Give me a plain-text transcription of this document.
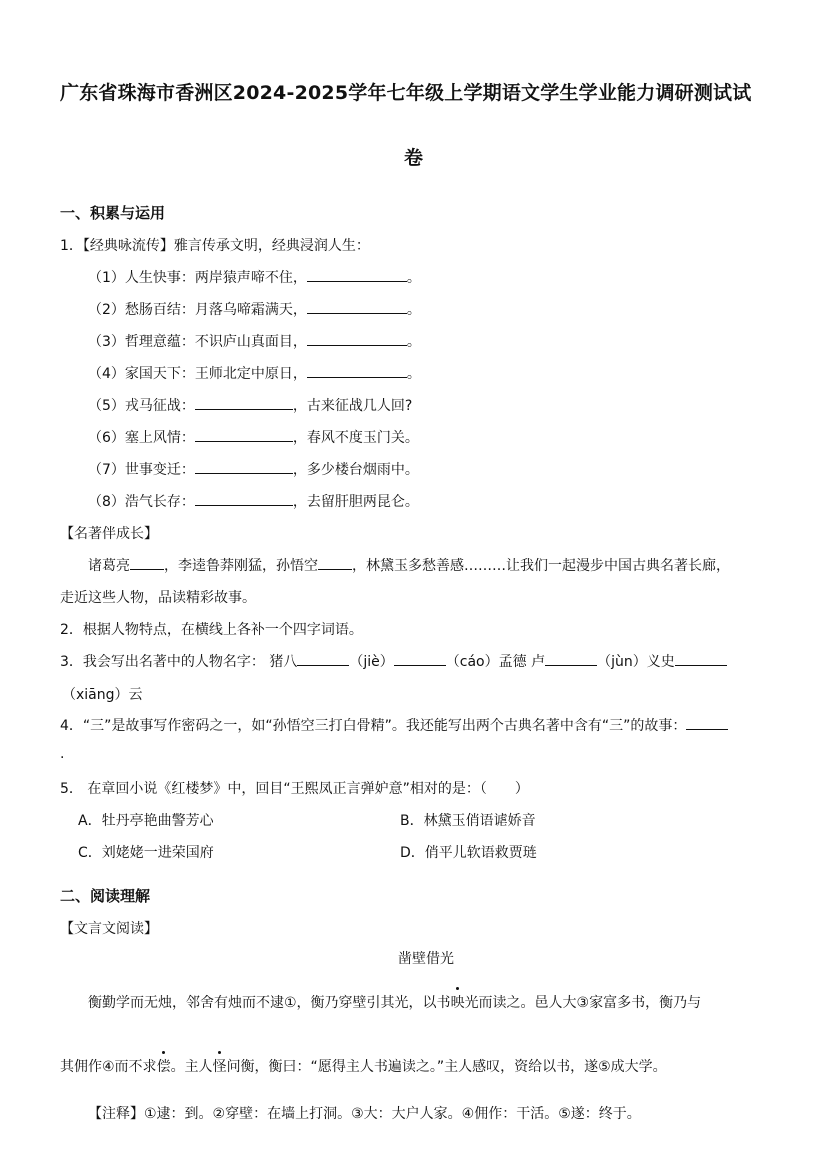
广东省珠海市香洲区2024-2025学年七年级上学期语文学生学业能力调研测试试
卷
一、积累与运用
1．【经典咏流传】雅言传承文明，经典浸润人生：
（1）人生快事：两岸猿声啼不住，	。
（2）愁肠百结：月落乌啼霜满天，	。
（3）哲理意蕴：不识庐山真面目，	。
（4）家国天下：王师北定中原日，	。
（5）戎马征战：	，古来征战几人回?
（6）塞上风情：	，春风不度玉门关。
（7）世事变迁：	，多少楼台烟雨中。
（8）浩气长存：	，去留肝胆两昆仑。
【名著伴成长】
诸葛亮 ，李逵鲁莽刚猛，孙悟空 ，林黛玉多愁善感………让我们一起漫步中国古典名著长廊，
走近这些人物，品读精彩故事。
2．根据人物特点，在横线上各补一个四字词语。
3．我会写出名著中的人物名字： 猪八	（jiè）	（cáo）孟德 卢	（jùn）义史
（xiāng）云
4．“三”是故事写作密码之一，如“孙悟空三打白骨精”。我还能写出两个古典名著中含有“三”的故事：
.
5． 在章回小说《红楼梦》中，回目“王熙凤正言弹妒意”相对的是：（　　）
A．牡丹亭艳曲警芳心	B．林黛玉俏语谑娇音
C．刘姥姥一进荣国府	D．俏平儿软语救贾琏
二、阅读理解
【文言文阅读】
凿壁借光
衡勤学而无烛，邻舍有烛而不逮①，衡乃穿壁引其光，以书映光而读之。邑人大③家富多书，衡乃与
其佣作④而不求偿。主人怪问衡，衡曰：“愿得主人书遍读之。”主人感叹，资给以书，遂⑤成大学。
【注释】①逮：到。②穿壁：在墙上打洞。③大：大户人家。④佣作：干活。⑤遂：终于。
